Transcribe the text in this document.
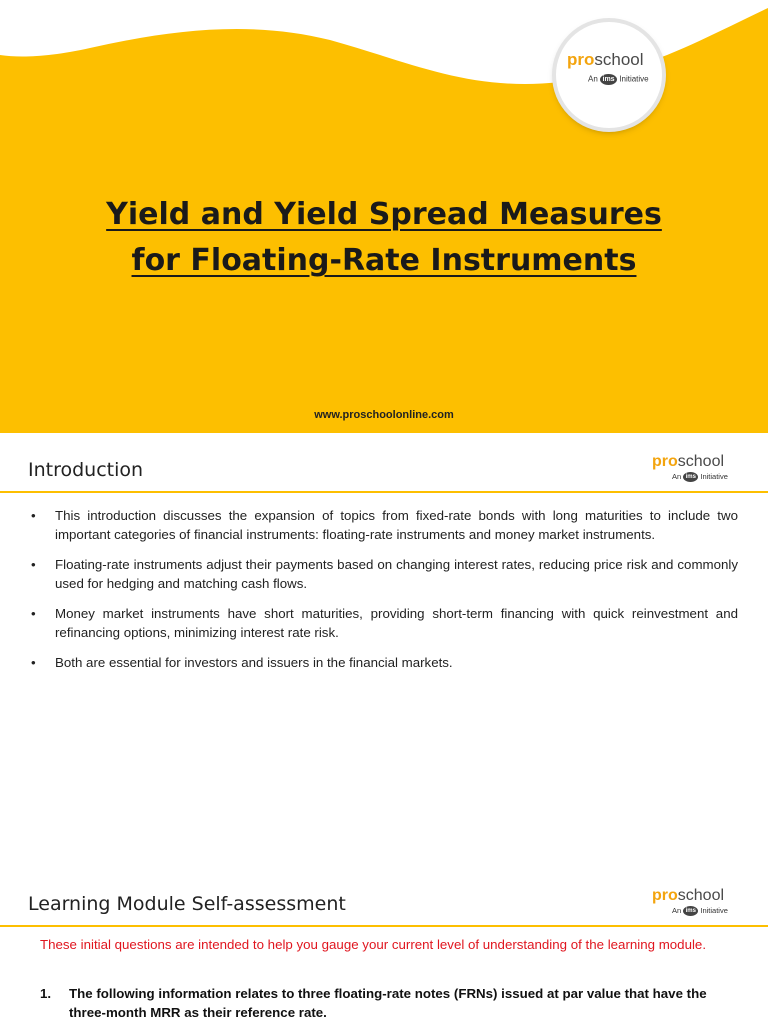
proschool
An ims Initiative
Yield and Yield Spread Measures
for Floating-Rate Instruments
www.proschoolonline.com
Introduction	proschool
An ims Initiative
• This introduction discusses the expansion of topics from fixed-rate bonds with long maturities to include two important categories of financial instruments: floating-rate instruments and money market instruments.
• Floating-rate instruments adjust their payments based on changing interest rates, reducing price risk and commonly used for hedging and matching cash flows.
• Money market instruments have short maturities, providing short-term financing with quick reinvestment and refinancing options, minimizing interest rate risk.
• Both are essential for investors and issuers in the financial markets.
Learning Module Self-assessment	proschool
An ims Initiative
These initial questions are intended to help you gauge your current level of understanding of the learning module.
1.	The following information relates to three floating-rate notes (FRNs) issued at par value that have the three-month MRR as their reference rate.
